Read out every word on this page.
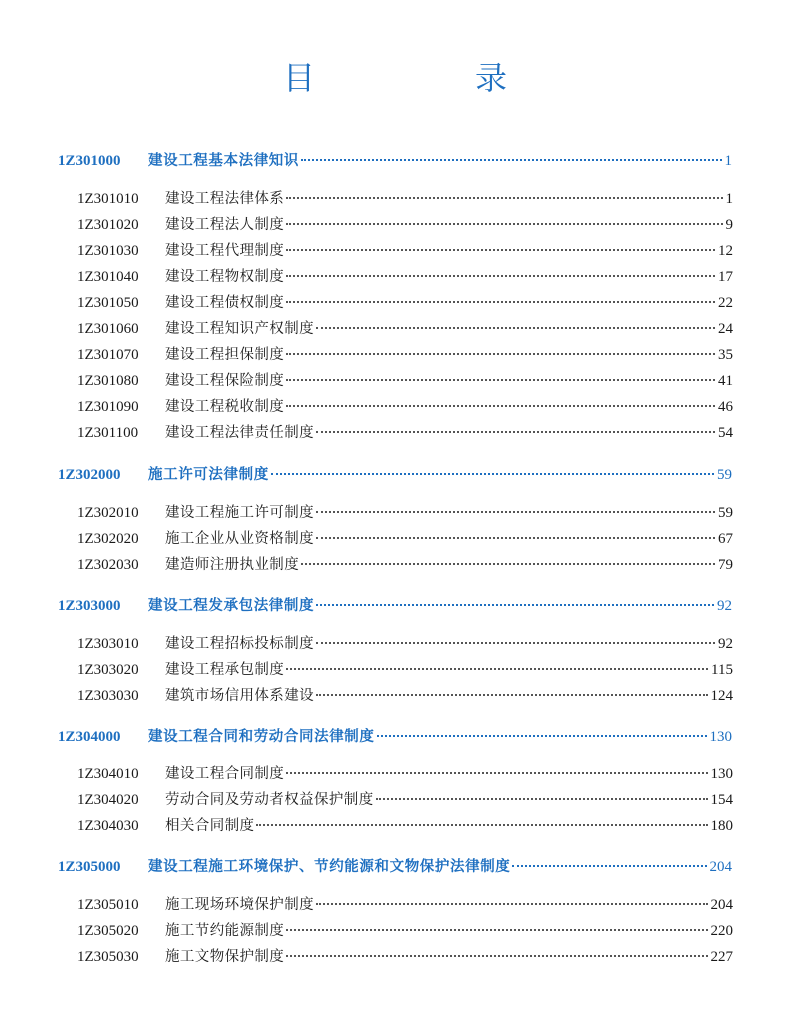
目　录
1Z301000	建设工程基本法律知识	1
1Z301010	建设工程法律体系	1
1Z301020	建设工程法人制度	9
1Z301030	建设工程代理制度	12
1Z301040	建设工程物权制度	17
1Z301050	建设工程债权制度	22
1Z301060	建设工程知识产权制度	24
1Z301070	建设工程担保制度	35
1Z301080	建设工程保险制度	41
1Z301090	建设工程税收制度	46
1Z301100	建设工程法律责任制度	54
1Z302000	施工许可法律制度	59
1Z302010	建设工程施工许可制度	59
1Z302020	施工企业从业资格制度	67
1Z302030	建造师注册执业制度	79
1Z303000	建设工程发承包法律制度	92
1Z303010	建设工程招标投标制度	92
1Z303020	建设工程承包制度	115
1Z303030	建筑市场信用体系建设	124
1Z304000	建设工程合同和劳动合同法律制度	130
1Z304010	建设工程合同制度	130
1Z304020	劳动合同及劳动者权益保护制度	154
1Z304030	相关合同制度	180
1Z305000	建设工程施工环境保护、节约能源和文物保护法律制度	204
1Z305010	施工现场环境保护制度	204
1Z305020	施工节约能源制度	220
1Z305030	施工文物保护制度	227
